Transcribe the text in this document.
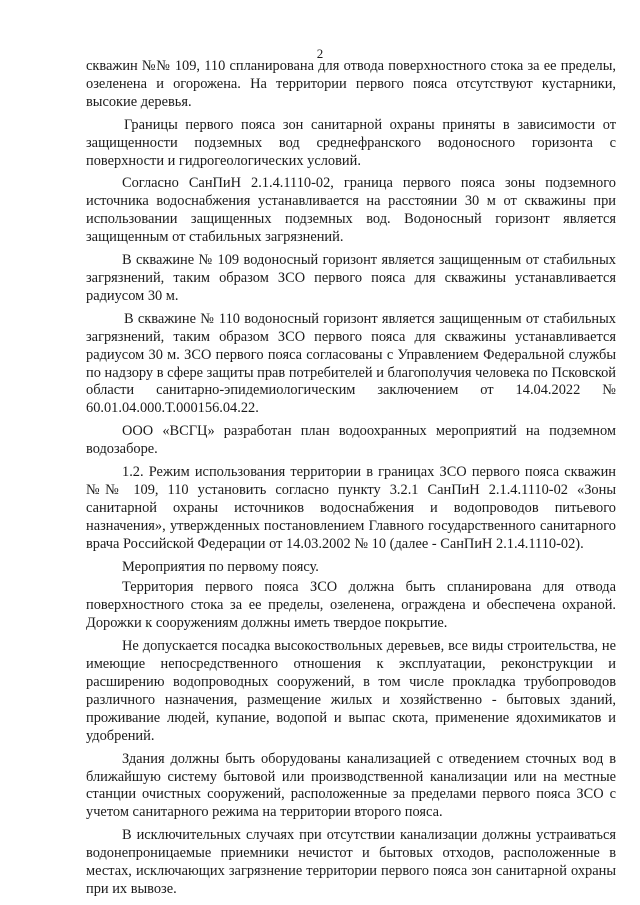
2

скважин №№ 109, 110 спланирована для отвода поверхностного стока за ее пределы, озеленена и огорожена. На территории первого пояса отсутствуют кустарники, высокие деревья.

Границы первого пояса зон санитарной охраны приняты в зависимости от защищенности подземных вод среднефранского водоносного горизонта с поверхности и гидрогеологических условий.

Согласно СанПиН 2.1.4.1110-02, граница первого пояса зоны подземного источника водоснабжения устанавливается на расстоянии 30 м от скважины при использовании защищенных подземных вод. Водоносный горизонт является защищенным от стабильных загрязнений.

В скважине № 109 водоносный горизонт является защищенным от стабильных загрязнений, таким образом ЗСО первого пояса для скважины устанавливается радиусом 30 м.

В скважине № 110 водоносный горизонт является защищенным от стабильных загрязнений, таким образом ЗСО первого пояса для скважины устанавливается радиусом 30 м. ЗСО первого пояса согласованы с Управлением Федеральной службы по надзору в сфере защиты прав потребителей и благополучия человека по Псковской области санитарно-эпидемиологическим заключением от 14.04.2022 № 60.01.04.000.Т.000156.04.22.

ООО «ВСГЦ» разработан план водоохранных мероприятий на подземном водозаборе.

1.2. Режим использования территории в границах ЗСО первого пояса скважин №№ 109, 110 установить согласно пункту 3.2.1 СанПиН 2.1.4.1110-02 «Зоны санитарной охраны источников водоснабжения и водопроводов питьевого назначения», утвержденных постановлением Главного государственного санитарного врача Российской Федерации от 14.03.2002 № 10 (далее - СанПиН 2.1.4.1110-02).

Мероприятия по первому поясу.

Территория первого пояса ЗСО должна быть спланирована для отвода поверхностного стока за ее пределы, озеленена, ограждена и обеспечена охраной. Дорожки к сооружениям должны иметь твердое покрытие.

Не допускается посадка высокоствольных деревьев, все виды строительства, не имеющие непосредственного отношения к эксплуатации, реконструкции и расширению водопроводных сооружений, в том числе прокладка трубопроводов различного назначения, размещение жилых и хозяйственно - бытовых зданий, проживание людей, купание, водопой и выпас скота, применение ядохимикатов и удобрений.

Здания должны быть оборудованы канализацией с отведением сточных вод в ближайшую систему бытовой или производственной канализации или на местные станции очистных сооружений, расположенные за пределами первого пояса ЗСО с учетом санитарного режима на территории второго пояса.

В исключительных случаях при отсутствии канализации должны устраиваться водонепроницаемые приемники нечистот и бытовых отходов, расположенные в местах, исключающих загрязнение территории первого пояса зон санитарной охраны при их вывозе.
